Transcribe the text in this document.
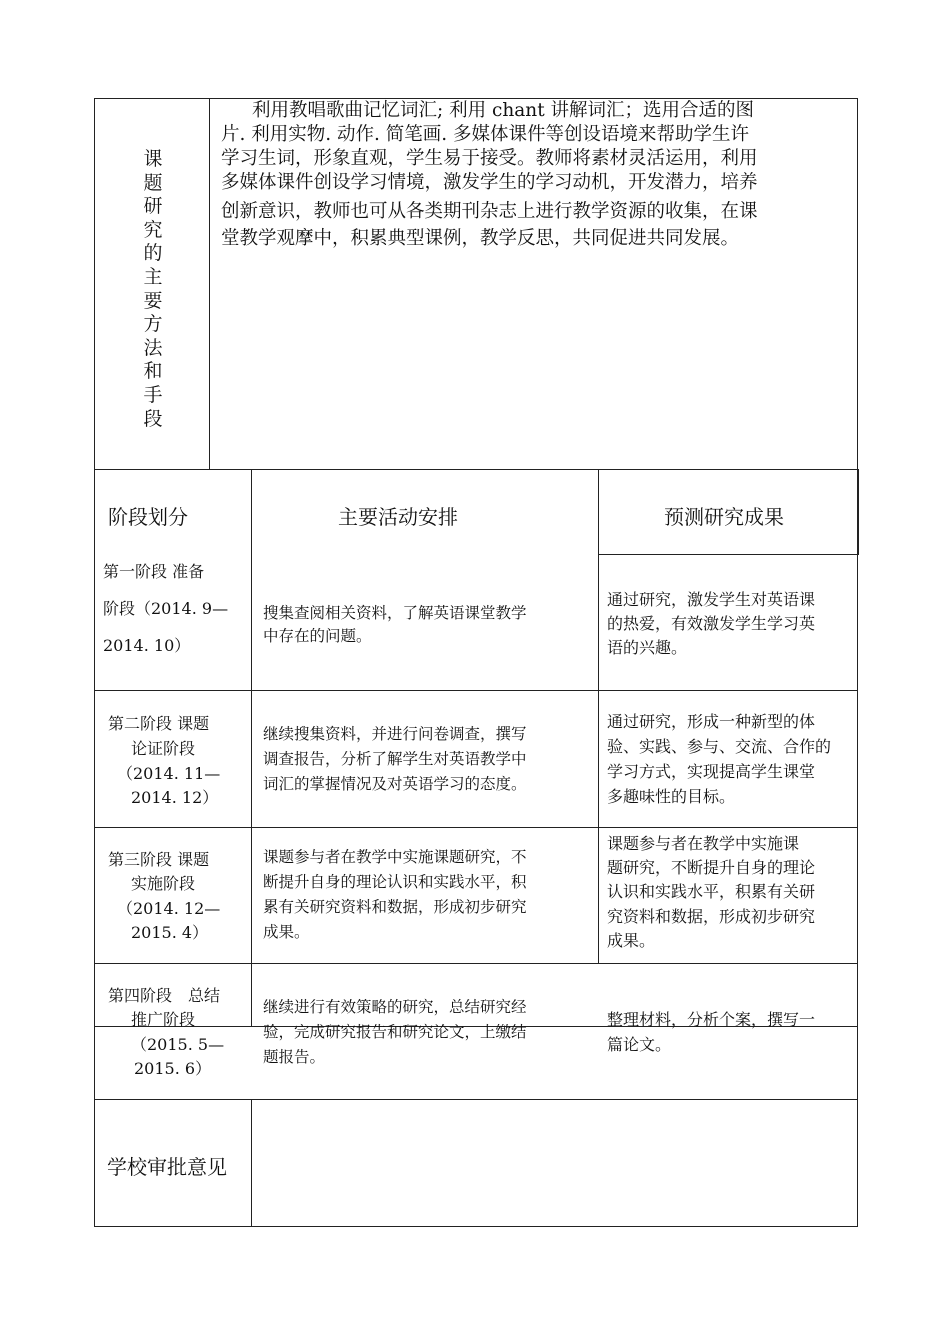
课
题
研
究
的
主
要
方
法
和
手
段
利用教唱歌曲记忆词汇; 利用 chant 讲解词汇；选用合适的图
片. 利用实物. 动作. 简笔画. 多媒体课件等创设语境来帮助学生许
学习生词，形象直观，学生易于接受。教师将素材灵活运用，利用
多媒体课件创设学习情境，激发学生的学习动机，开发潜力，培养
创新意识，教师也可从各类期刊杂志上进行教学资源的收集，在课
堂教学观摩中，积累典型课例，教学反思，共同促进共同发展。
阶段划分	主要活动安排	预测研究成果
第一阶段 准备
阶段（2014. 9—
2014. 10）
搜集查阅相关资料，了解英语课堂教学
中存在的问题。
通过研究，激发学生对英语课
的热爱，有效激发学生学习英
语的兴趣。
第二阶段 课题
论证阶段
（2014. 11—
2014. 12）
继续搜集资料，并进行问卷调查，撰写
调查报告，分析了解学生对英语教学中
词汇的掌握情况及对英语学习的态度。
通过研究，形成一种新型的体
验、实践、参与、交流、合作的
学习方式，实现提高学生课堂
多趣味性的目标。
第三阶段 课题
实施阶段
（2014. 12—
2015. 4）
课题参与者在教学中实施课题研究，不
断提升自身的理论认识和实践水平，积
累有关研究资料和数据，形成初步研究
成果。
课题参与者在教学中实施课
题研究，不断提升自身的理论
认识和实践水平，积累有关研
究资料和数据，形成初步研究
成果。
第四阶段　总结
推广阶段
（2015. 5—
2015. 6）
继续进行有效策略的研究，总结研究经
验，完成研究报告和研究论文，上缴结
题报告。
整理材料，分析个案，撰写一
篇论文。
学校审批意见
